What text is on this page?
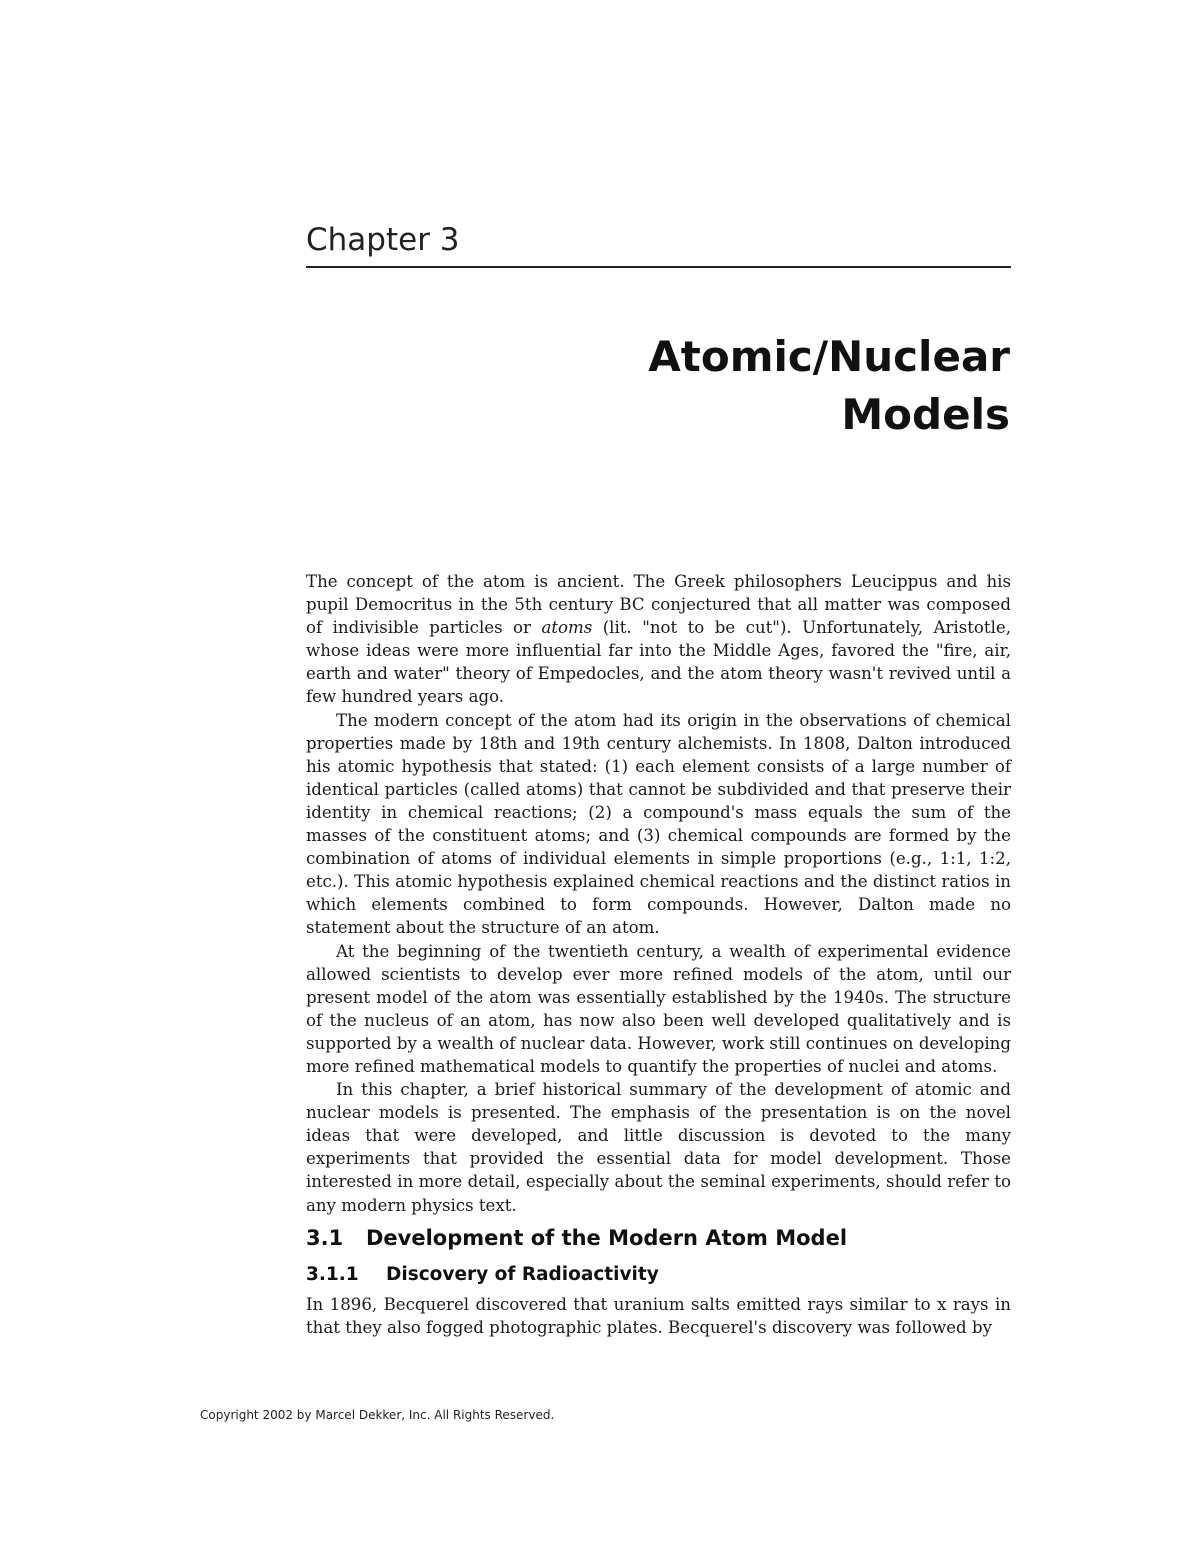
Chapter 3
Atomic/Nuclear
Models

The concept of the atom is ancient. The Greek philosophers Leucippus and his pupil Democritus in the 5th century BC conjectured that all matter was composed of indivisible particles or atoms (lit. "not to be cut"). Unfortunately, Aristotle, whose ideas were more influential far into the Middle Ages, favored the "fire, air, earth and water" theory of Empedocles, and the atom theory wasn't revived until a few hundred years ago.

The modern concept of the atom had its origin in the observations of chemical properties made by 18th and 19th century alchemists. In 1808, Dalton introduced his atomic hypothesis that stated: (1) each element consists of a large number of identical particles (called atoms) that cannot be subdivided and that preserve their identity in chemical reactions; (2) a compound's mass equals the sum of the masses of the constituent atoms; and (3) chemical compounds are formed by the combination of atoms of individual elements in simple proportions (e.g., 1:1, 1:2, etc.). This atomic hypothesis explained chemical reactions and the distinct ratios in which elements combined to form compounds. However, Dalton made no statement about the structure of an atom.

At the beginning of the twentieth century, a wealth of experimental evidence allowed scientists to develop ever more refined models of the atom, until our present model of the atom was essentially established by the 1940s. The structure of the nucleus of an atom, has now also been well developed qualitatively and is supported by a wealth of nuclear data. However, work still continues on developing more refined mathematical models to quantify the properties of nuclei and atoms.

In this chapter, a brief historical summary of the development of atomic and nuclear models is presented. The emphasis of the presentation is on the novel ideas that were developed, and little discussion is devoted to the many experiments that provided the essential data for model development. Those interested in more detail, especially about the seminal experiments, should refer to any modern physics text.

3.1 Development of the Modern Atom Model
3.1.1 Discovery of Radioactivity

In 1896, Becquerel discovered that uranium salts emitted rays similar to x rays in that they also fogged photographic plates. Becquerel's discovery was followed by

Copyright 2002 by Marcel Dekker, Inc. All Rights Reserved.
